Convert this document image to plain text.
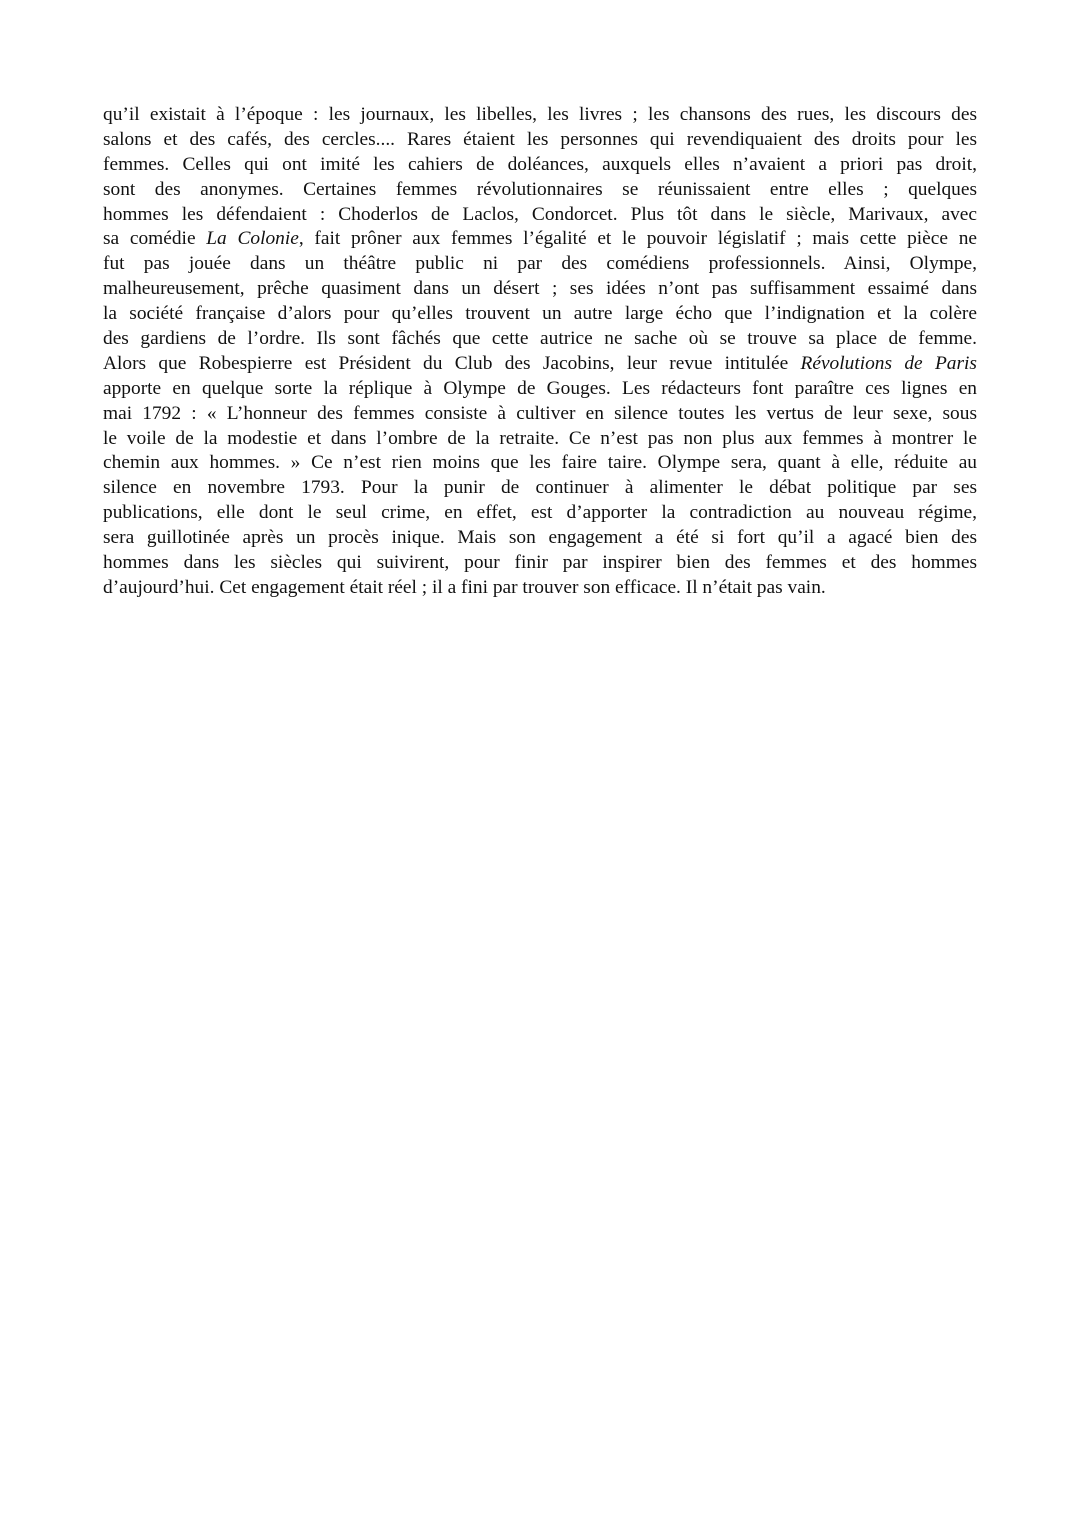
qu’il existait à l’époque : les journaux, les libelles, les livres ; les chansons des rues, les discours des
salons et des cafés, des cercles.... Rares étaient les personnes qui revendiquaient des droits pour les
femmes. Celles qui ont imité les cahiers de doléances, auxquels elles n’avaient a priori pas droit,
sont des anonymes. Certaines femmes révolutionnaires se réunissaient entre elles ; quelques
hommes les défendaient : Choderlos de Laclos, Condorcet. Plus tôt dans le siècle, Marivaux, avec
sa comédie La Colonie, fait prôner aux femmes l’égalité et le pouvoir législatif ; mais cette pièce ne
fut pas jouée dans un théâtre public ni par des comédiens professionnels. Ainsi, Olympe,
malheureusement, prêche quasiment dans un désert ; ses idées n’ont pas suffisamment essaimé dans
la société française d’alors pour qu’elles trouvent un autre large écho que l’indignation et la colère
des gardiens de l’ordre. Ils sont fâchés que cette autrice ne sache où se trouve sa place de femme.
Alors que Robespierre est Président du Club des Jacobins, leur revue intitulée Révolutions de Paris
apporte en quelque sorte la réplique à Olympe de Gouges. Les rédacteurs font paraître ces lignes en
mai 1792 : « L’honneur des femmes consiste à cultiver en silence toutes les vertus de leur sexe, sous
le voile de la modestie et dans l’ombre de la retraite. Ce n’est pas non plus aux femmes à montrer le
chemin aux hommes. » Ce n’est rien moins que les faire taire. Olympe sera, quant à elle, réduite au
silence en novembre 1793. Pour la punir de continuer à alimenter le débat politique par ses
publications, elle dont le seul crime, en effet, est d’apporter la contradiction au nouveau régime,
sera guillotinée après un procès inique. Mais son engagement a été si fort qu’il a agacé bien des
hommes dans les siècles qui suivirent, pour finir par inspirer bien des femmes et des hommes
d’aujourd’hui. Cet engagement était réel ; il a fini par trouver son efficace. Il n’était pas vain.
